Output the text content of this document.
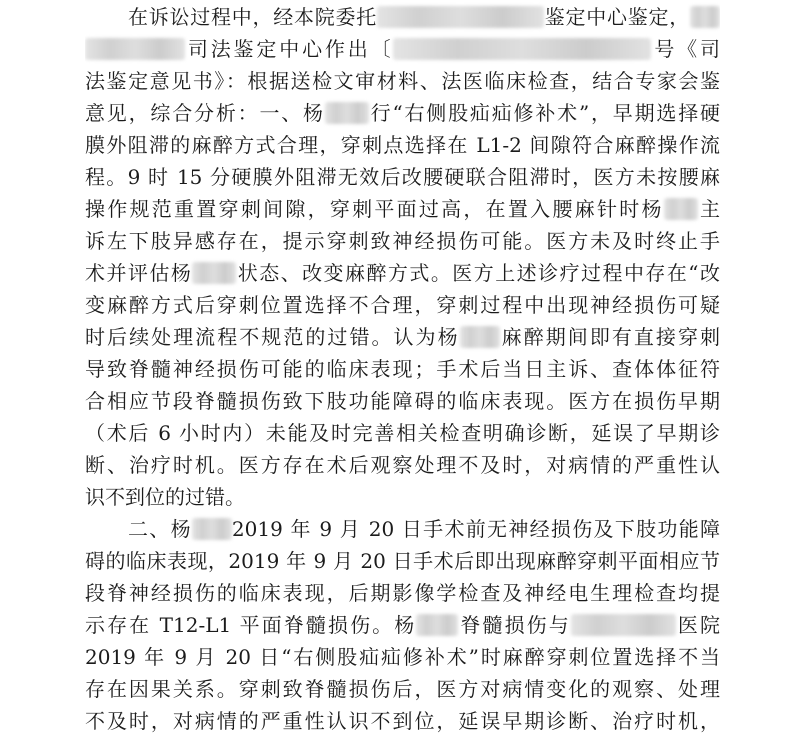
在诉讼过程中，经本院委托	鉴定中心鉴定，
司法鉴定中心作出〔	号《司
法鉴定意见书》：根据送检文审材料、法医临床检查，结合专家会鉴
意见，综合分析：一、杨 行“右侧股疝疝修补术”，早期选择硬
膜外阻滞的麻醉方式合理，穿刺点选择在 L1-2 间隙符合麻醉操作流
程。9 时 15 分硬膜外阻滞无效后改腰硬联合阻滞时，医方未按腰麻
操作规范重置穿刺间隙，穿刺平面过高，在置入腰麻针时杨 主
诉左下肢异感存在，提示穿刺致神经损伤可能。医方未及时终止手
术并评估杨 状态、改变麻醉方式。医方上述诊疗过程中存在“改
变麻醉方式后穿刺位置选择不合理，穿刺过程中出现神经损伤可疑
时后续处理流程不规范的过错。认为杨 麻醉期间即有直接穿刺
导致脊髓神经损伤可能的临床表现；手术后当日主诉、查体体征符
合相应节段脊髓损伤致下肢功能障碍的临床表现。医方在损伤早期
（术后 6 小时内）未能及时完善相关检查明确诊断，延误了早期诊
断、治疗时机。医方存在术后观察处理不及时，对病情的严重性认
识不到位的过错。
二、杨 2019 年 9 月 20 日手术前无神经损伤及下肢功能障
碍的临床表现，2019 年 9 月 20 日手术后即出现麻醉穿刺平面相应节
段脊神经损伤的临床表现，后期影像学检查及神经电生理检查均提
示存在 T12-L1 平面脊髓损伤。杨 脊髓损伤与	医院
2019 年 9 月 20 日“右侧股疝疝修补术”时麻醉穿刺位置选择不当
存在因果关系。穿刺致脊髓损伤后，医方对病情变化的观察、处理
不及时，对病情的严重性认识不到位，延误早期诊断、治疗时机，
